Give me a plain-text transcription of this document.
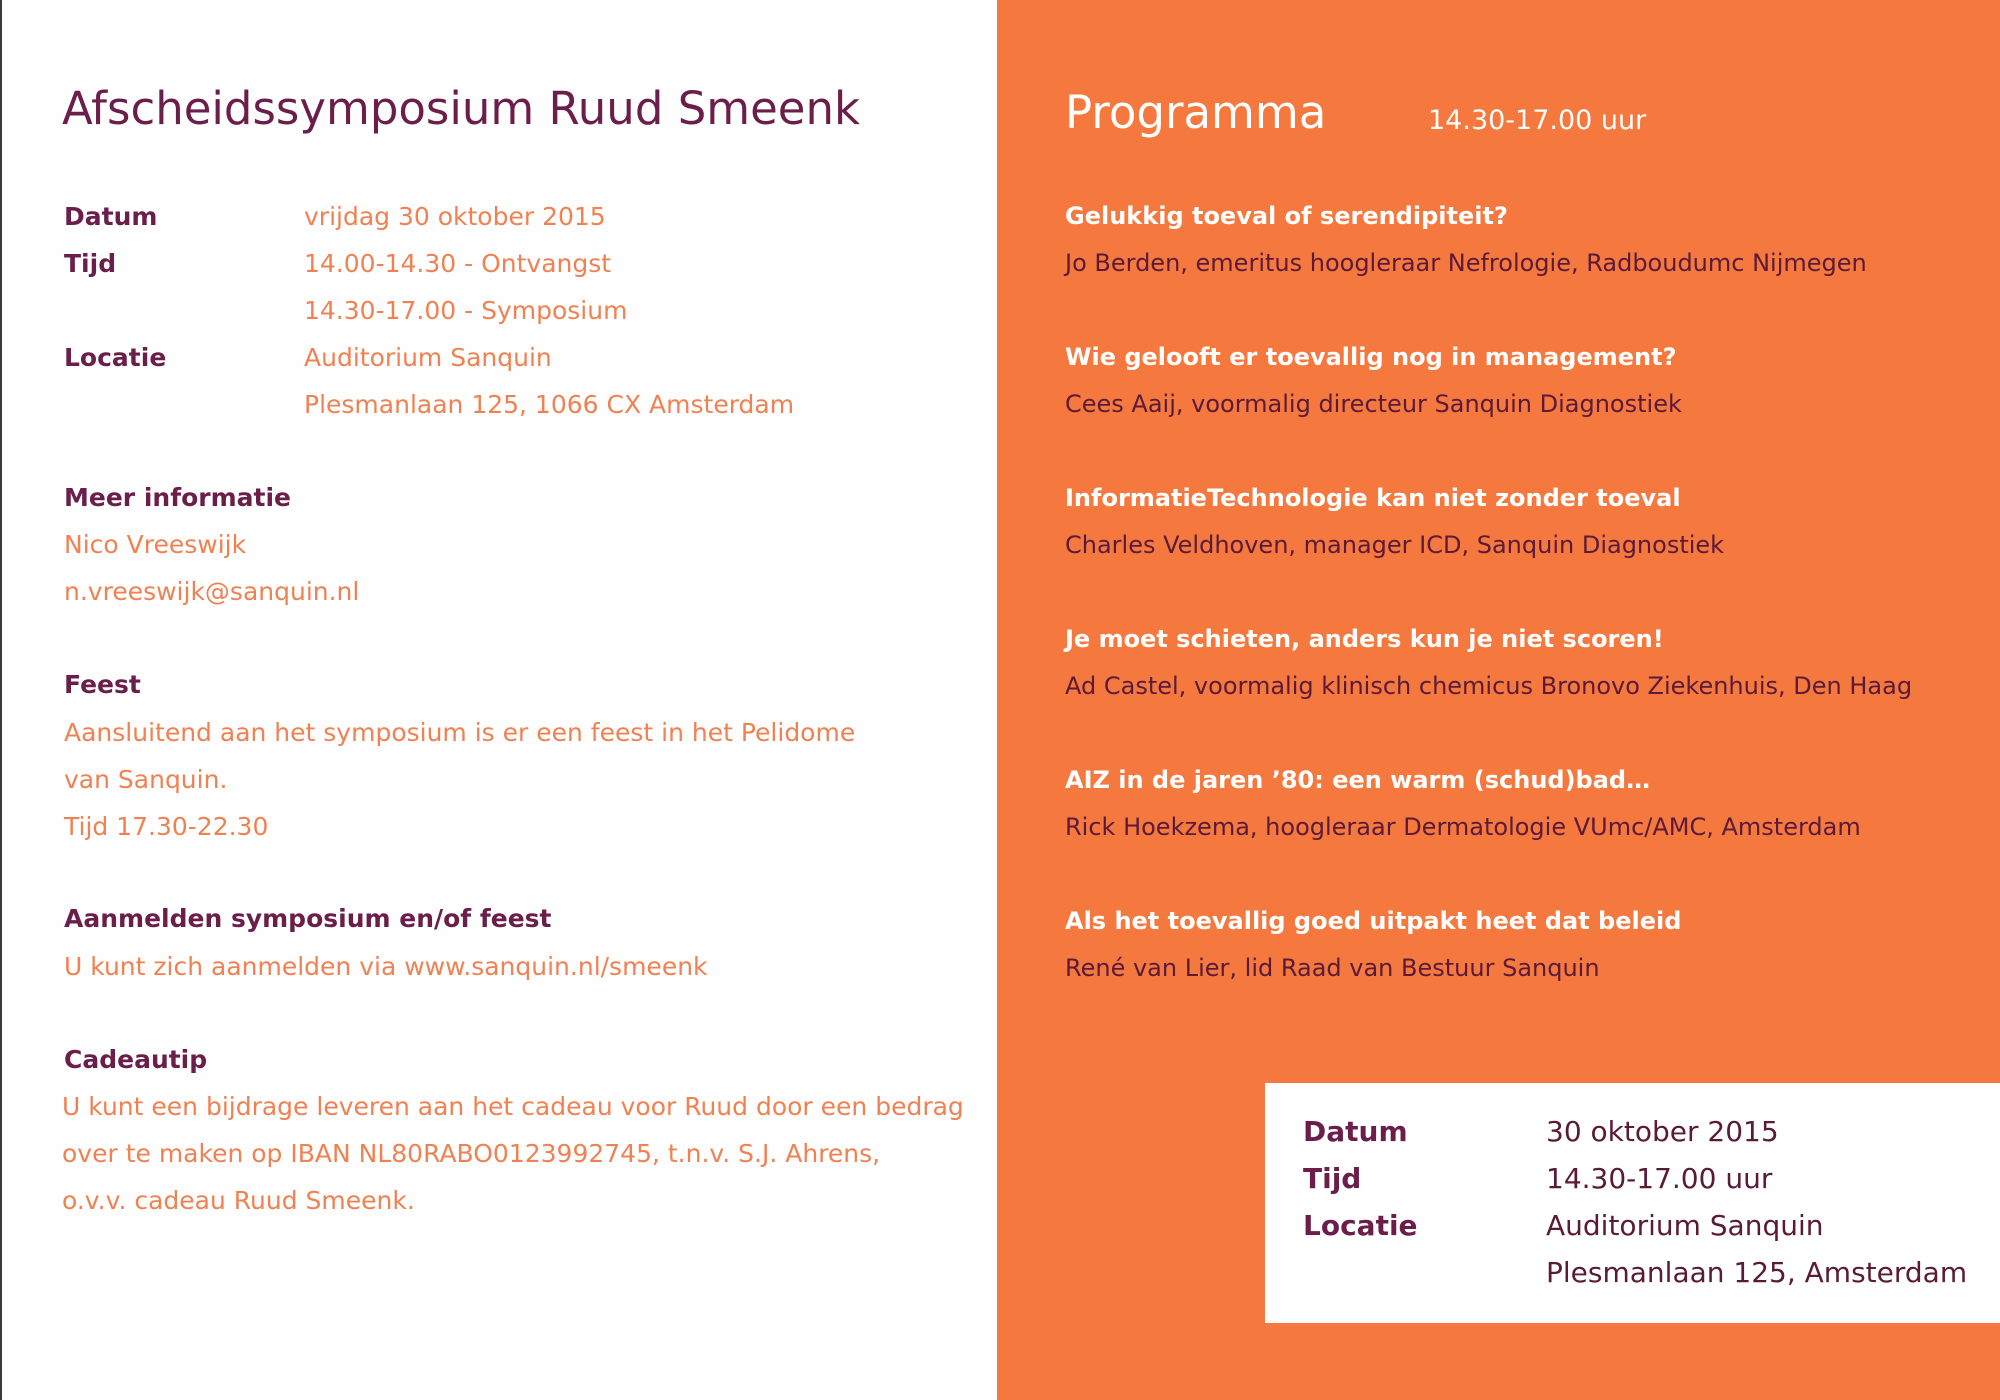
Afscheidssymposium Ruud Smeenk
Datum	vrijdag 30 oktober 2015
Tijd	14.00-14.30 - Ontvangst
14.30-17.00 - Symposium
Locatie	Auditorium Sanquin
Plesmanlaan 125, 1066 CX Amsterdam
Meer informatie
Nico Vreeswijk
n.vreeswijk@sanquin.nl
Feest
Aansluitend aan het symposium is er een feest in het Pelidome
van Sanquin.
Tijd 17.30-22.30
Aanmelden symposium en/of feest
U kunt zich aanmelden via www.sanquin.nl/smeenk
Cadeautip
U kunt een bijdrage leveren aan het cadeau voor Ruud door een bedrag
over te maken op IBAN NL80RABO0123992745, t.n.v. S.J. Ahrens,
o.v.v. cadeau Ruud Smeenk.
Programma	14.30-17.00 uur
Gelukkig toeval of serendipiteit?
Jo Berden, emeritus hoogleraar Nefrologie, Radboudumc Nijmegen
Wie gelooft er toevallig nog in management?
Cees Aaij, voormalig directeur Sanquin Diagnostiek
InformatieTechnologie kan niet zonder toeval
Charles Veldhoven, manager ICD, Sanquin Diagnostiek
Je moet schieten, anders kun je niet scoren!
Ad Castel, voormalig klinisch chemicus Bronovo Ziekenhuis, Den Haag
AIZ in de jaren ’80: een warm (schud)bad…
Rick Hoekzema, hoogleraar Dermatologie VUmc/AMC, Amsterdam
Als het toevallig goed uitpakt heet dat beleid
René van Lier, lid Raad van Bestuur Sanquin
Datum	30 oktober 2015
Tijd	14.30-17.00 uur
Locatie	Auditorium Sanquin
Plesmanlaan 125, Amsterdam
